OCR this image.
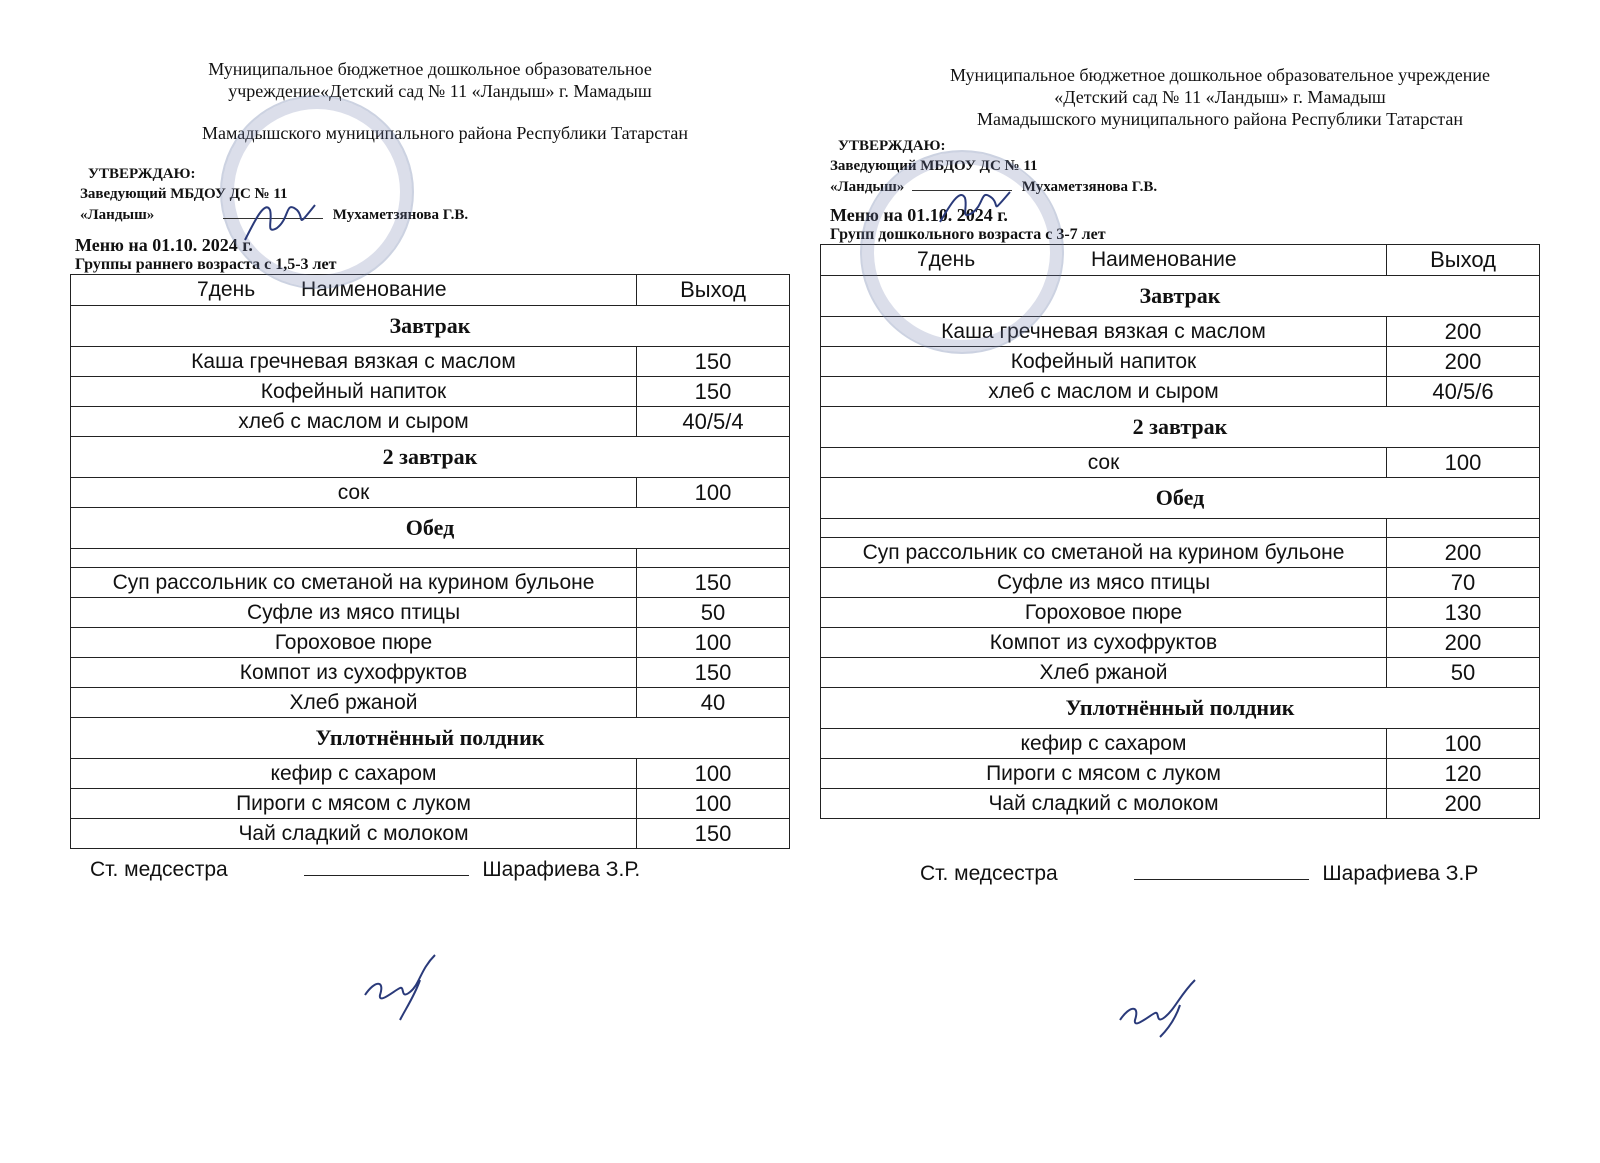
Муниципальное бюджетное дошкольное образовательное
учреждение«Детский сад № 11 «Ландыш» г. Мамадыш
Мамадышского муниципального района Республики Татарстан
УТВЕРЖДАЮ:
Заведующий МБДОУ ДС № 11
«Ландыш»	Мухаметзянова Г.В.
Меню на 01.10. 2024 г.
Группы раннего возраста с 1,5-3 лет
7день Наименование	Выход
Завтрак	
Каша гречневая вязкая с маслом	150
Кофейный напиток	150
хлеб с маслом и сыром	40/5/4
2 завтрак	
сок	100
Обед	

Суп рассольник со сметаной на курином бульоне	150
Суфле из мясо птицы	50
Гороховое пюре	100
Компот из сухофруктов	150
Хлеб ржаной	40
Уплотнённый полдник	
кефир с сахаром	100
Пироги с мясом с луком	100
Чай сладкий с молоком	150
Ст. медсестра	Шарафиева З.Р.
Муниципальное бюджетное дошкольное образовательное учреждение
«Детский сад № 11 «Ландыш» г. Мамадыш
Мамадышского муниципального района Республики Татарстан
УТВЕРЖДАЮ:
Заведующий МБДОУ ДС № 11
«Ландыш»	Мухаметзянова Г.В.
Меню на 01.10. 2024 г.
Групп дошкольного возраста с 3-7 лет
7день Наименование	Выход
Завтрак	
Каша гречневая вязкая с маслом	200
Кофейный напиток	200
хлеб с маслом и сыром	40/5/6
2 завтрак	
сок	100
Обед	

Суп рассольник со сметаной на курином бульоне	200
Суфле из мясо птицы	70
Гороховое пюре	130
Компот из сухофруктов	200
Хлеб ржаной	50
Уплотнённый полдник	
кефир с сахаром	100
Пироги с мясом с луком	120
Чай сладкий с молоком	200
Ст. медсестра	Шарафиева З.Р
